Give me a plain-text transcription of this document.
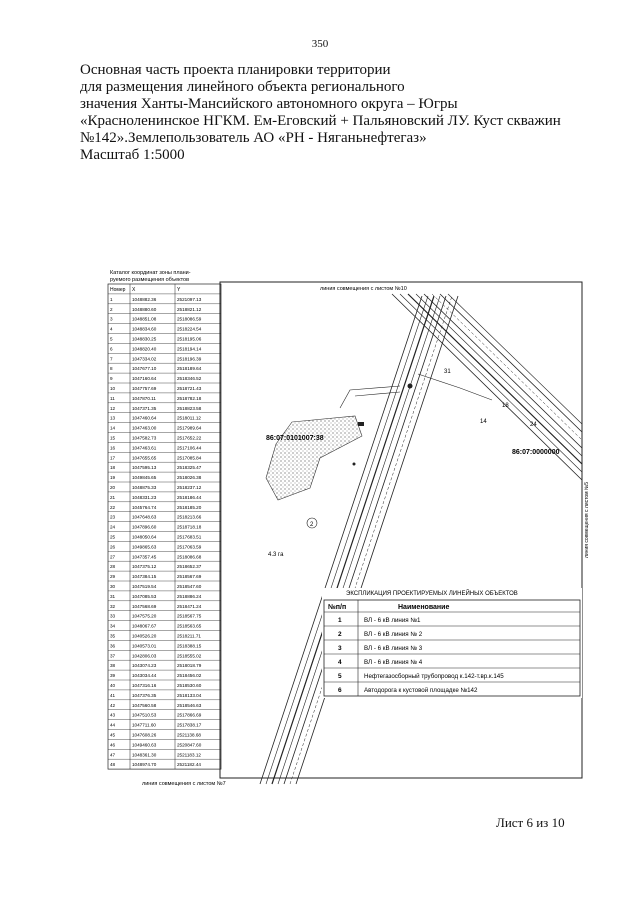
350
Основная часть проекта планировки территории
для размещения линейного объекта регионального
значения Ханты-Мансийского автономного округа – Югры
«Красноленинское НГКМ. Ем-Еговский + Пальяновский ЛУ. Куст скважин
№142».Землепользователь АО «РН - Няганьнефтегаз»
Масштаб 1:5000
линия совмещения с листом №10
линия совмещения с листом №7
линия совмещения с листом №5
86:07:0101007:38
86:07:0000000
31
18
24
14
4.3 га
2
Каталог координат зоны плани-
руемого размещения объектов
Номер X	Y
1	1048882.36	2521097.13
2	1048880.60	2518821.12
3	1048851.08	2518086.59
4	1048834.60	2518224.54
5	1048830.25	2518195.06
6	1048820.40	2518194.14
7	1047334.02	2518196.39
8	1047677.10	2518189.64
9	1047160.64	2518346.52
10	1047757.69	2518721.43
11	1047870.11	2518782.18
12	1047371.35	2518823.58
13	1047460.64	2518011.12
14	1047463.00	2517989.64
15	1047582.73	2517652.22
16	1047463.61	2517106.44
17	1047655.65	2517085.84
18	1047595.13	2518325.47
19	1049845.65	2518026.38
20	1048875.33	2518237.12
21	1048331.23	2518186.44
22	1045764.74	2518185.20
23	1047648.63	2518213.66
24	1047896.60	2518718.18
25	1048050.64	2517683.51
26	1049865.63	2517063.59
27	1047357.45	2518086.68
28	1047375.12	2518652.37
29	1047384.15	2518567.69
30	1047519.54	2518547.60
31	1047085.53	2518886.24
32	1047568.69	2518471.24
33	1047575.20	2518567.75
34	1048067.67	2518563.65
35	1040526.20	2518211.71
36	1040573.01	2518388.15
37	1042806.03	2518555.02
38	1043074.23	2518018.79
39	1043034.44	2518456.02
40	1047316.16	2518530.60
41	1047376.35	2518133.04
42	1047560.58	2518546.63
43	1047510.53	2517866.69
44	1047711.60	2517838.17
45	1047608.26	2521138.68
46	1049460.63	2520847.60
47	1048361.30	2521183.12
48	1048974.70	2521182.44
ЭКСПЛИКАЦИЯ ПРОЕКТИРУЕМЫХ ЛИНЕЙНЫХ ОБЪЕКТОВ
№п/п	Наименование
1	ВЛ - 6 кВ линия №1
2	ВЛ - 6 кВ линия № 2
3	ВЛ - 6 кВ линия № 3
4	ВЛ - 6 кВ линия № 4
5	Нефтегазосборный трубопровод к.142-т.вр.к.145
6	Автодорога к кустовой площадке №142
Лист 6 из 10
